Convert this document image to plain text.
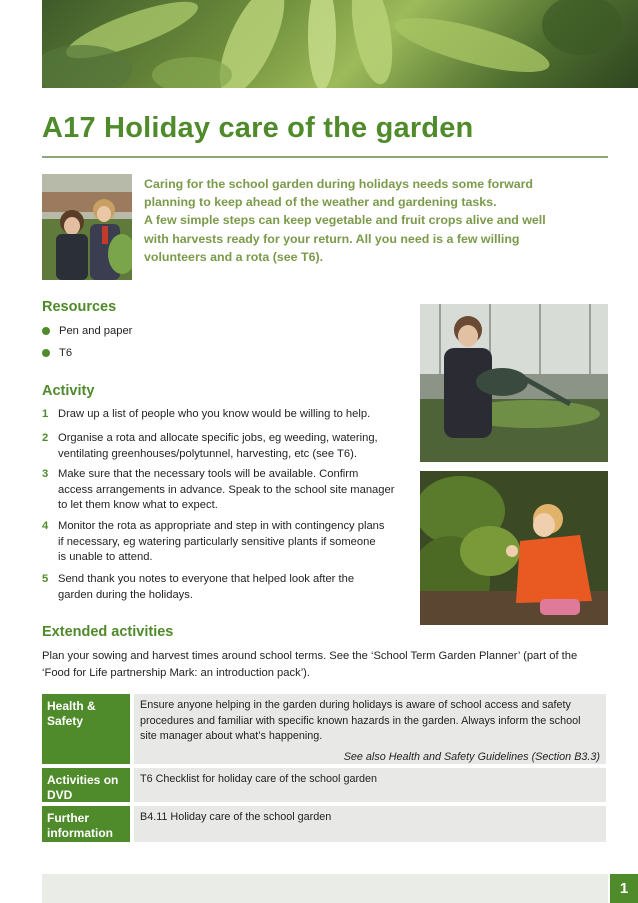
A17 Holiday care of the garden

Caring for the school garden during holidays needs some forward

planning to keep ahead of the weather and gardening tasks.

A few simple steps can keep vegetable and fruit crops alive and well

with harvests ready for your return. All you need is a few willing

volunteers and a rota (see T6).

Resources
Pen and paper
T6
Activity
1 Draw up a list of people who you know would be willing to help.
2 Organise a rota and allocate specific jobs, eg weeding, watering,
ventilating greenhouses/polytunnel, harvesting, etc (see T6).
3 Make sure that the necessary tools will be available. Confirm
access arrangements in advance. Speak to the school site manager
to let them know what to expect.
4 Monitor the rota as appropriate and step in with contingency plans
if necessary, eg watering particularly sensitive plants if someone
is unable to attend.
5 Send thank you notes to everyone that helped look after the
garden during the holidays.
Extended activities
Plan your sowing and harvest times around school terms. See the ‘School Term Garden Planner’ (part of the
‘Food for Life partnership Mark: an introduction pack’).
Health &
Safety
Ensure anyone helping in the garden during holidays is aware of school access and safety
procedures and familiar with specific known hazards in the garden. Always inform the school
site manager about what’s happening.
See also Health and Safety Guidelines (Section B3.3)
Activities on
DVD
T6 Checklist for holiday care of the school garden
Further
information
B4.11 Holiday care of the school garden
1
